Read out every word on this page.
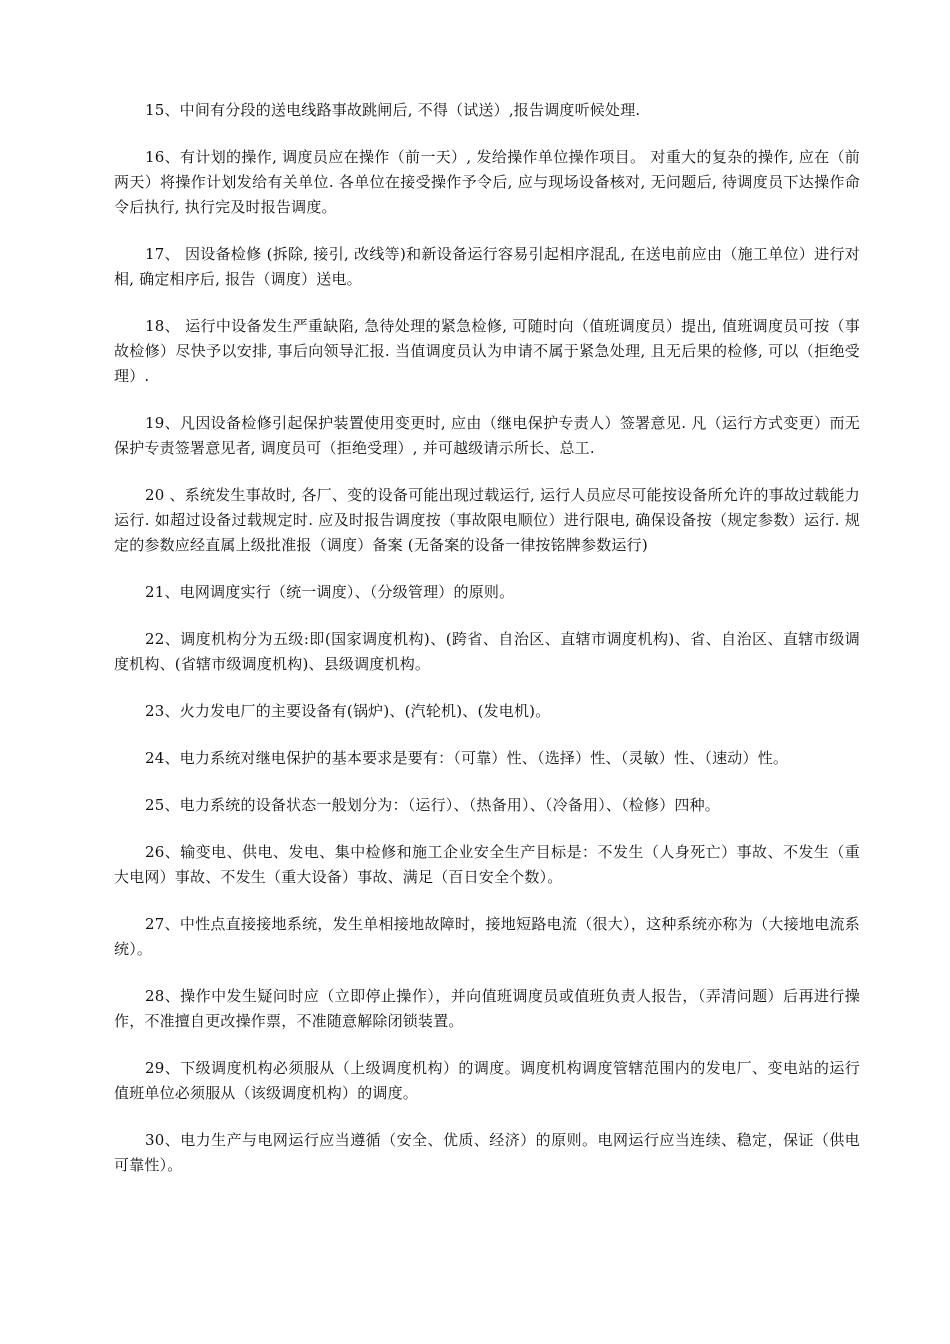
15、中间有分段的送电线路事故跳闸后, 不得（试送）,报告调度听候处理.

16、有计划的操作, 调度员应在操作（前一天）, 发给操作单位操作项目。 对重大的复杂的操作, 应在（前两天）将操作计划发给有关单位. 各单位在接受操作予令后, 应与现场设备核对, 无问题后, 待调度员下达操作命令后执行, 执行完及时报告调度。

17、 因设备检修 (拆除, 接引, 改线等)和新设备运行容易引起相序混乱, 在送电前应由（施工单位）进行对相, 确定相序后, 报告（调度）送电。

18、 运行中设备发生严重缺陷, 急待处理的紧急检修, 可随时向（值班调度员）提出, 值班调度员可按（事故检修）尽快予以安排, 事后向领导汇报. 当值调度员认为申请不属于紧急处理, 且无后果的检修, 可以（拒绝受理）.

19、凡因设备检修引起保护装置使用变更时, 应由（继电保护专责人）签署意见. 凡（运行方式变更）而无保护专责签署意见者, 调度员可（拒绝受理）, 并可越级请示所长、总工.

20 、系统发生事故时, 各厂、变的设备可能出现过载运行, 运行人员应尽可能按设备所允许的事故过载能力运行. 如超过设备过载规定时. 应及时报告调度按（事故限电顺位）进行限电, 确保设备按（规定参数）运行. 规定的参数应经直属上级批准报（调度）备案 (无备案的设备一律按铭牌参数运行)

21、电网调度实行（统一调度）、（分级管理）的原则。

22、调度机构分为五级:即(国家调度机构)、(跨省、自治区、直辖市调度机构)、省、自治区、直辖市级调度机构、(省辖市级调度机构)、县级调度机构。

23、火力发电厂的主要设备有(锅炉)、(汽轮机)、(发电机)。

24、电力系统对继电保护的基本要求是要有：（可靠）性、（选择）性、（灵敏）性、（速动）性。

25、电力系统的设备状态一般划分为：（运行）、（热备用）、（冷备用）、（检修）四种。

26、输变电、供电、发电、集中检修和施工企业安全生产目标是：不发生（人身死亡）事故、不发生（重大电网）事故、不发生（重大设备）事故、满足（百日安全个数）。

27、中性点直接接地系统，发生单相接地故障时，接地短路电流（很大），这种系统亦称为（大接地电流系统）。

28、操作中发生疑问时应（立即停止操作），并向值班调度员或值班负责人报告，（弄清问题）后再进行操作，不准擅自更改操作票，不准随意解除闭锁装置。

29、下级调度机构必须服从（上级调度机构）的调度。调度机构调度管辖范围内的发电厂、变电站的运行值班单位必须服从（该级调度机构）的调度。

30、电力生产与电网运行应当遵循（安全、优质、经济）的原则。电网运行应当连续、稳定，保证（供电可靠性）。
